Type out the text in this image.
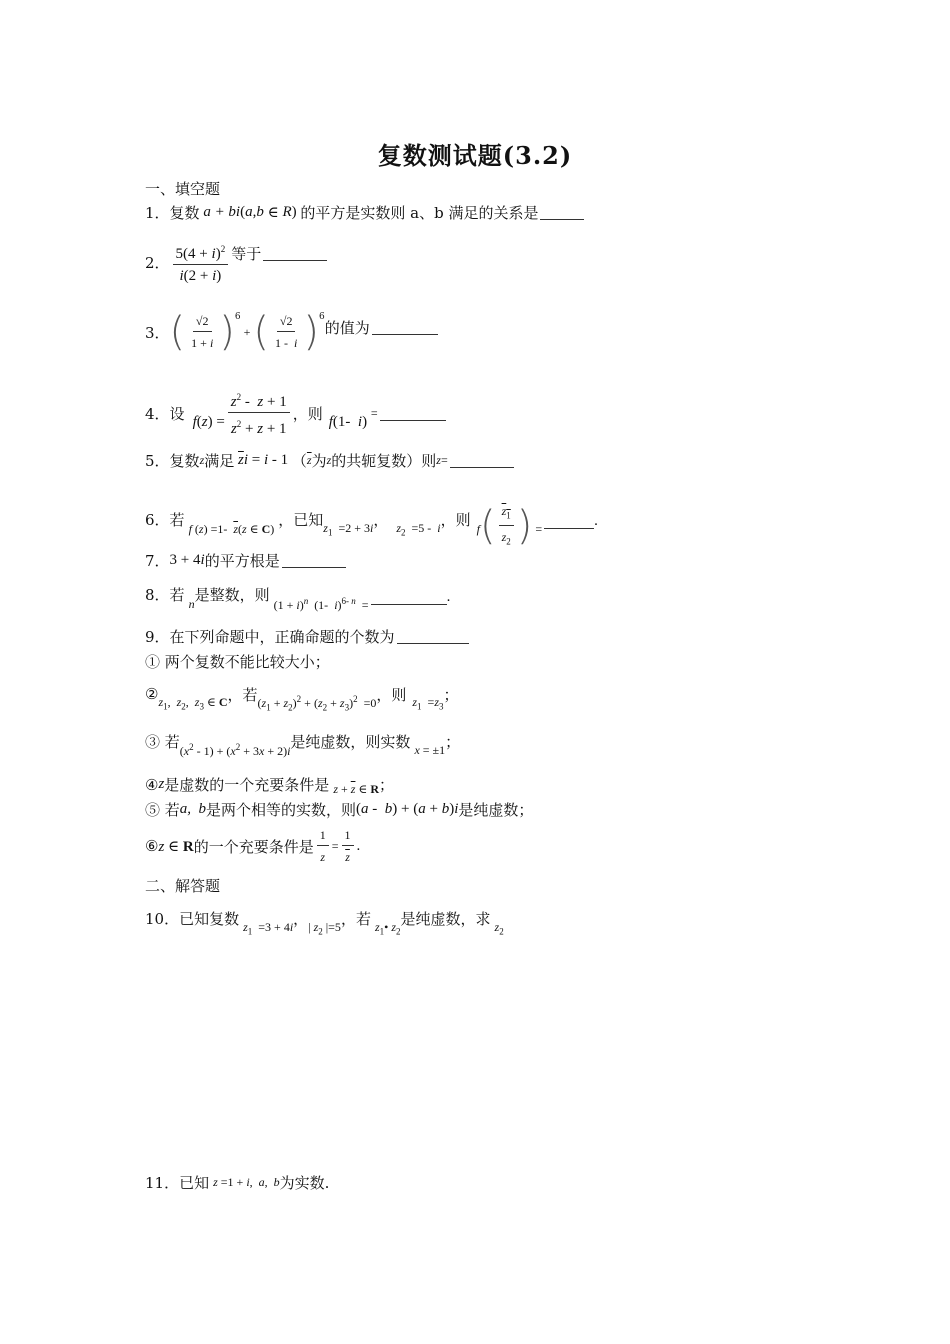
复数测试题(3.2)
一、填空题
1． 复数 a + bi ( a , b ∈ R ) 的平方是实数则 a、b 满足的关系是
2． $\frac{5(4 + i)^2}{i(2 + i)}$ 等于
3． ( $\frac{√2}{1 + i} )^6$
+ ( $\frac{√2}{1 - i} )^6$
的值为
4． 设 f $(z) = \frac{z^2 - z + 1}{z^2 + z + 1}$ ，则 f (1-  i)
=
5． 复数 z 满足 $\overline{z}i = i - 1$ （ $\overline{z}$ 为 z 的共轭复数）则 z =
6． 若 f (z) =1-  $\overline{z}(z$ ∈ C) ，已知 $z_1 =2 + 3i$ ， $z_2 =5 - i$ ，则 f ( $\frac{z_1}{z_2}$ ) =	.
7． 3 + 4i 的平方根是
8． 若 n 是整数，则
$(1 + i)^n$  (1-  i)$^{6- n}$  =	.
9． 在下列命题中，正确命题的个数为
① 两个复数不能比较大小；
② $z_1$,  $z_2$,  $z_3$ ∈ C ，若 $(z_1 + z_2)^2 + (z_2 + z_3)^2 =0$ ，则 $z_1 =z_3$
；
③ 若 $(x^2 - 1) + (x^2 + 3x + 2)i$ 是纯虚数，则实数 x = ±1 ；
④ z 是虚数的一个充要条件是 $z + \overline{z}$ ∈ R ；
⑤ 若 a,  b 是两个相等的实数，则 (a -  b) + (a + b)i 是纯虚数；
⑥ z ∈ R 的一个充要条件是 $\frac{1}{z} = \frac{1}{z}$ .
二、解答题
10． 已知复数 $z_1 =3 + 4i$ ， | $z_2$ |=5 ，若 $z_1•$ $z_2$
是纯虚数，求 $z_2$
11． 已知 z =1 + i,  a,  b 为实数.
